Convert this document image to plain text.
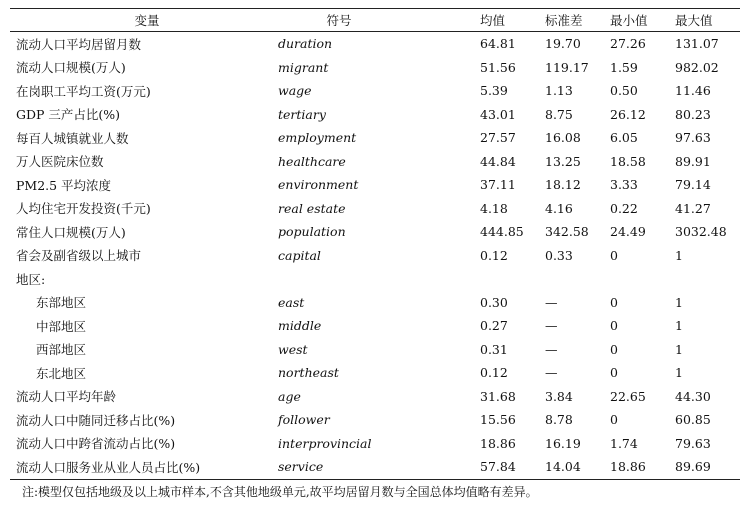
变量	符号	均值	标准差	最小值	最大值
流动人口平均居留月数	duration	64.81	19.70	27.26	131.07
流动人口规模(万人)	migrant	51.56	119.17	1.59	982.02
在岗职工平均工资(万元)	wage	5.39	1.13	0.50	11.46
GDP 三产占比(%)	tertiary	43.01	8.75	26.12	80.23
每百人城镇就业人数	employment	27.57	16.08	6.05	97.63
万人医院床位数	healthcare	44.84	13.25	18.58	89.91
PM2.5 平均浓度	environment	37.11	18.12	3.33	79.14
人均住宅开发投资(千元)	real estate	4.18	4.16	0.22	41.27
常住人口规模(万人)	population	444.85	342.58	24.49	3032.48
省会及副省级以上城市	capital	0.12	0.33	0	1
地区:					
东部地区	east	0.30	—	0	1
中部地区	middle	0.27	—	0	1
西部地区	west	0.31	—	0	1
东北地区	northeast	0.12	—	0	1
流动人口平均年龄	age	31.68	3.84	22.65	44.30
流动人口中随同迁移占比(%)	follower	15.56	8.78	0	60.85
流动人口中跨省流动占比(%)	interprovincial	18.86	16.19	1.74	79.63
流动人口服务业从业人员占比(%)	service	57.84	14.04	18.86	89.69
注:模型仅包括地级及以上城市样本,不含其他地级单元,故平均居留月数与全国总体均值略有差异。
